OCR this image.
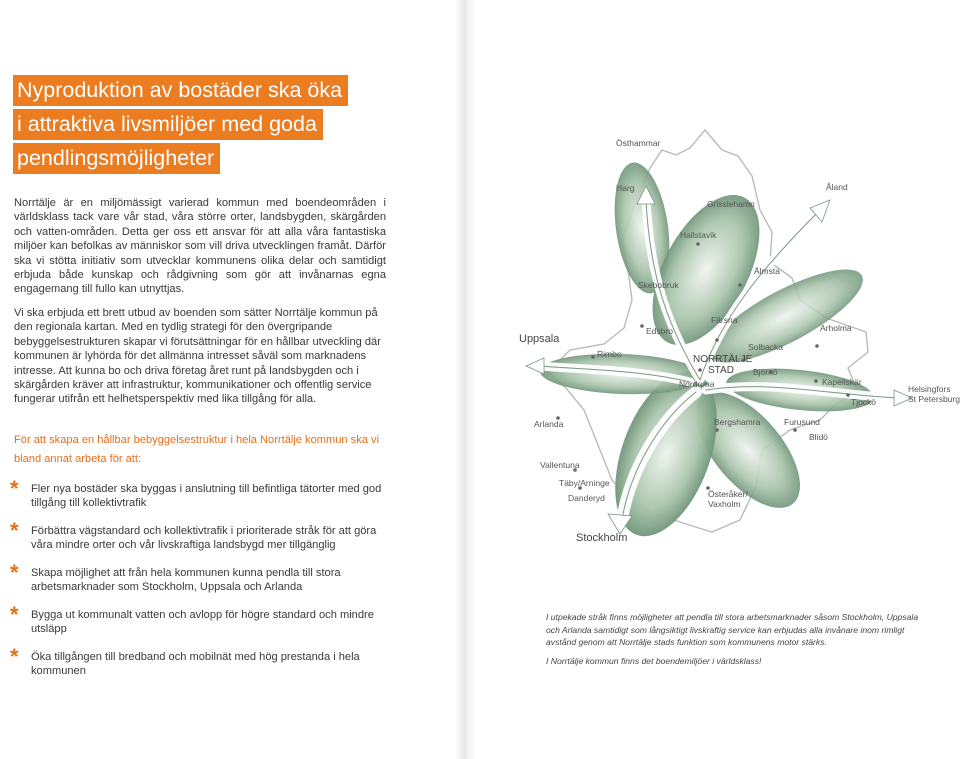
Nyproduktion av bostäder ska öka
i attraktiva livsmiljöer med goda
pendlingsmöjligheter

Norrtälje är en miljömässigt varierad kommun med boendeområden i världsklass tack vare vår stad, våra större orter, landsbygden, skärgården och vatten-områden. Detta ger oss ett ansvar för att alla våra fantastiska miljöer kan befolkas av människor som vill driva utvecklingen framåt. Därför ska vi stötta initiativ som utvecklar kommunens olika delar och samtidigt erbjuda både kunskap och rådgivning som gör att invånarnas egna engagemang till fullo kan utnyttjas.

Vi ska erbjuda ett brett utbud av boenden som sätter Norrtälje kommun på den regionala kartan. Med en tydlig strategi för den övergripande bebyggelsestrukturen skapar vi förutsättningar för en hållbar utveckling där kommunen är lyhörda för det allmänna intresset såväl som marknadens intresse. Att kunna bo och driva företag året runt på landsbygden och i skärgården kräver att infrastruktur, kommunikationer och offentlig service fungerar utifrån ett helhetsperspektiv med lika tillgång för alla.

För att skapa en hållbar bebyggelsestruktur i hela Norrtälje kommun ska vi bland annat arbeta för att:

* Fler nya bostäder ska byggas i anslutning till befintliga tätorter med god tillgång till kollektivtrafik
* Förbättra vägstandard och kollektivtrafik i prioriterade stråk för att göra våra mindre orter och vår livskraftiga landsbygd mer tillgänglig
* Skapa möjlighet att från hela kommunen kunna pendla till stora arbetsmarknader som Stockholm, Uppsala och Arlanda
* Bygga ut kommunalt vatten och avlopp för högre standard och mindre utsläpp
* Öka tillgången till bredband och mobilnät med hög prestanda i hela kommunen
Östhammar
Harg
Grisslehamn
Åland
Hallstavik
Älmsta
Skebobruk
Färsna
Edsbro	Arholma
Uppsala
Rimbo
Solbacka
NORRTÄLJE
STAD Björnö
Nordrona	Kapellskär
Tjockö
Helsingfors
St Petersburg
Arlanda	Bergshamra	Furusund
Blidö
Vallentuna
Täby/Arninge
Danderyd	Österåker/
Vaxholm
Stockholm

I utpekade stråk finns möjligheter att pendla till stora arbetsmarknader såsom Stockholm, Uppsala och Arlanda samtidigt som långsiktigt livskraftig service kan erbjudas alla invånare inom rimligt avstånd genom att Norrtälje stads funktion som kommunens motor stärks.

I Norrtälje kommun finns det boendemiljöer i världsklass!
